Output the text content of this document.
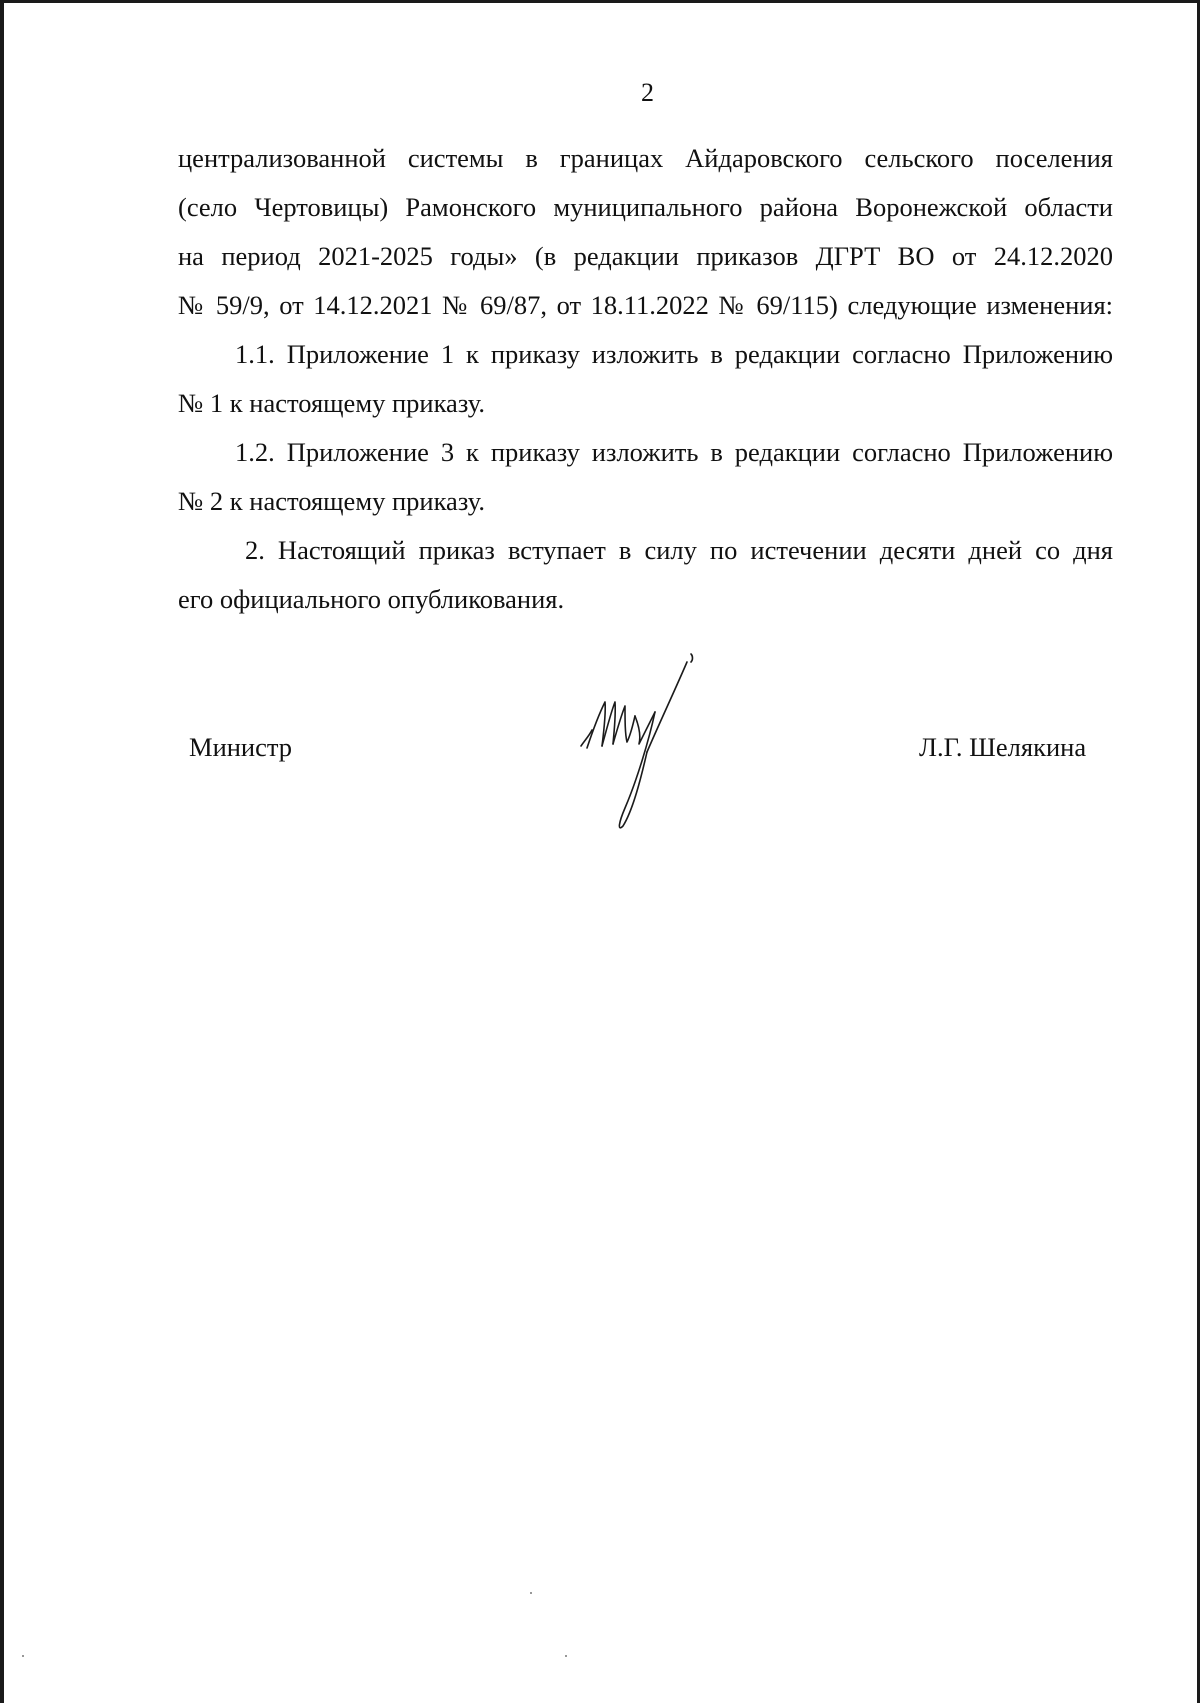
2

централизованной системы в границах Айдаровского сельского поселения
(село Чертовицы) Рамонского муниципального района Воронежской области
на период 2021-2025 годы» (в редакции приказов ДГРТ ВО от 24.12.2020
№ 59/9, от 14.12.2021 № 69/87, от 18.11.2022 № 69/115) следующие изменения:

1.1. Приложение 1 к приказу изложить в редакции согласно Приложению
№ 1 к настоящему приказу.

1.2. Приложение 3 к приказу изложить в редакции согласно Приложению
№ 2 к настоящему приказу.

2. Настоящий приказ вступает в силу по истечении десяти дней со дня
его официального опубликования.

Министр	Л.Г. Шелякина
